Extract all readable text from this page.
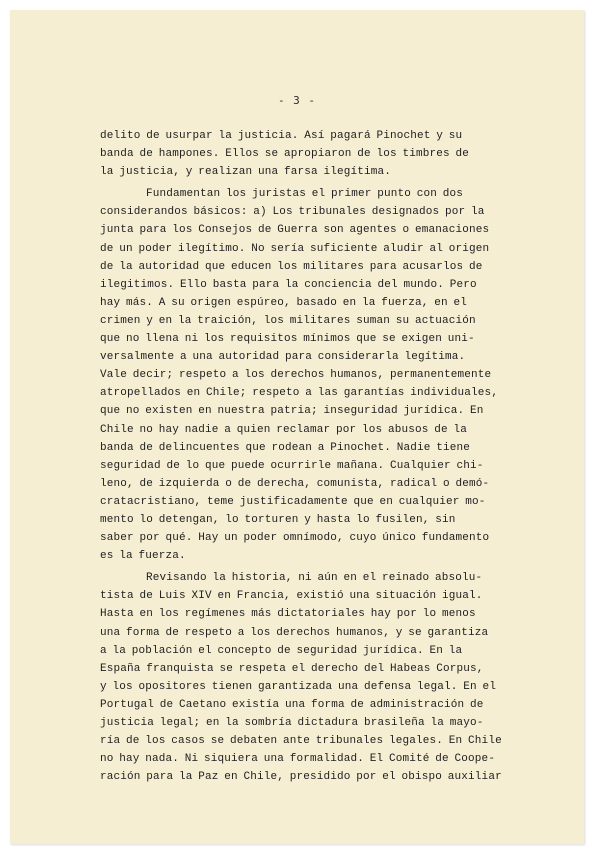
- 3 -
delito de usurpar la justicia. Así pagará Pinochet y su
banda de hampones. Ellos se apropiaron de los timbres de
la justicia, y realizan una farsa ilegítima.
Fundamentan los juristas el primer punto con dos
considerandos básicos: a) Los tribunales designados por la
junta para los Consejos de Guerra son agentes o emanaciones
de un poder ilegítimo. No sería suficiente aludir al origen
de la autoridad que educen los militares para acusarlos de
ilegitimos. Ello basta para la conciencia del mundo. Pero
hay más. A su origen espúreo, basado en la fuerza, en el
crimen y en la traición, los militares suman su actuación
que no llena ni los requisitos mínimos que se exigen uni-
versalmente a una autoridad para considerarla legítima.
Vale decir; respeto a los derechos humanos, permanentemente
atropellados en Chile; respeto a las garantías individuales,
que no existen en nuestra patria; inseguridad jurídica. En
Chile no hay nadie a quien reclamar por los abusos de la
banda de delincuentes que rodean a Pinochet. Nadie tiene
seguridad de lo que puede ocurrirle mañana. Cualquier chi-
leno, de izquierda o de derecha, comunista, radical o demó-
cratacristiano, teme justificadamente que en cualquier mo-
mento lo detengan, lo torturen y hasta lo fusilen, sin
saber por qué. Hay un poder omnímodo, cuyo único fundamento
es la fuerza.
Revisando la historia, ni aún en el reinado absolu-
tista de Luis XIV en Francia, existió una situación igual.
Hasta en los regímenes más dictatoriales hay por lo menos
una forma de respeto a los derechos humanos, y se garantiza
a la población el concepto de seguridad jurídica. En la
España franquista se respeta el derecho del Habeas Corpus,
y los opositores tienen garantizada una defensa legal. En el
Portugal de Caetano existía una forma de administración de
justicia legal; en la sombría dictadura brasileña la mayo-
ría de los casos se debaten ante tribunales legales. En Chile
no hay nada. Ni siquiera una formalidad. El Comité de Coope-
ración para la Paz en Chile, presidido por el obispo auxiliar
